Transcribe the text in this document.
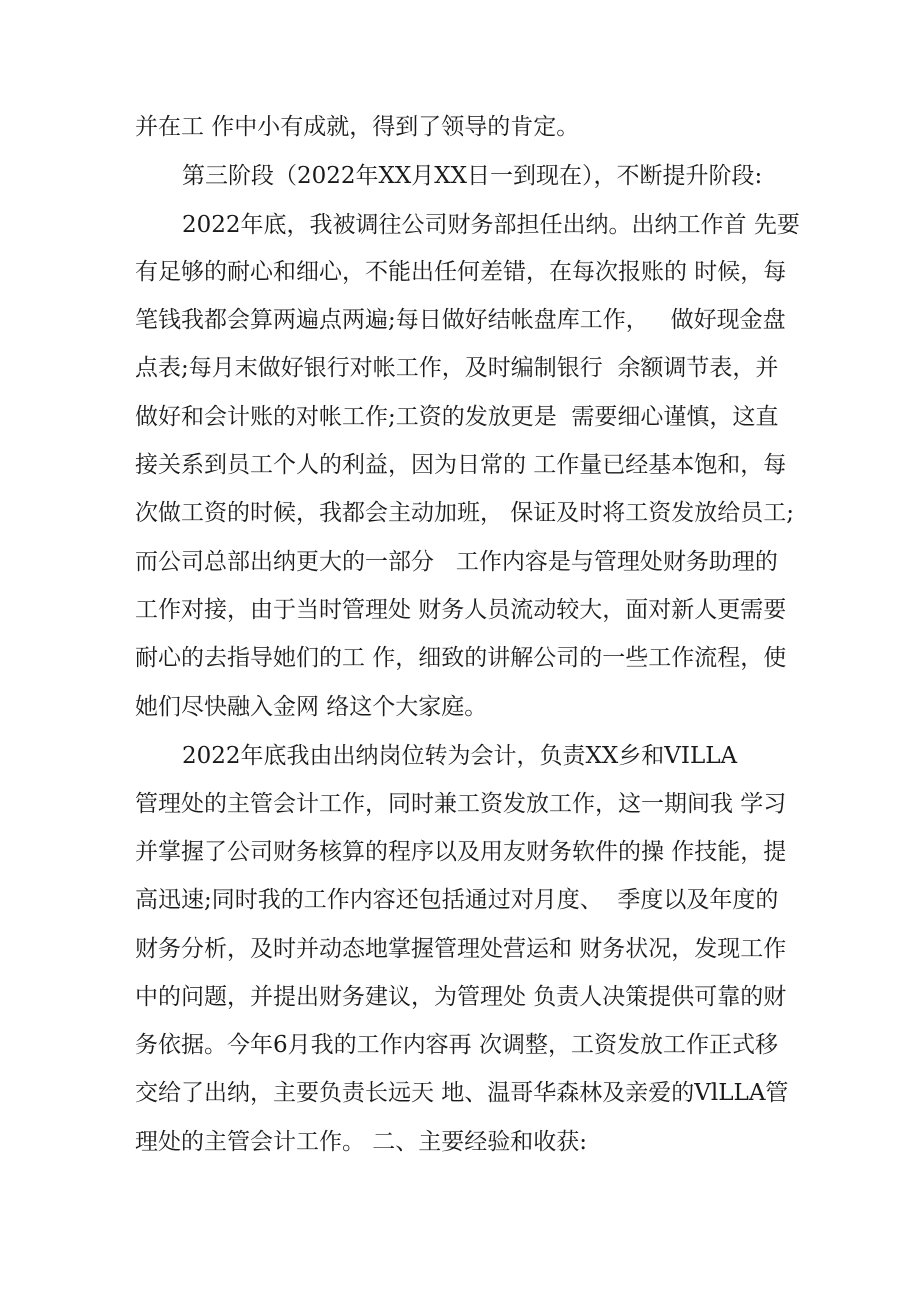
并在工 作中小有成就，得到了领导的肯定。
第三阶段（2022年XX月XX日一到现在），不断提升阶段:
2022年底，我被调往公司财务部担任出纳。出纳工作首 先要
有足够的耐心和细心，不能出任何差错，在每次报账的 时候，每
笔钱我都会算两遍点两遍;每日做好结帐盘库工作，   做好现金盘
点表;每月末做好银行对帐工作，及时编制银行  余额调节表，并
做好和会计账的对帐工作;工资的发放更是  需要细心谨慎，这直
接关系到员工个人的利益，因为日常的 工作量已经基本饱和，每
次做工资的时候，我都会主动加班， 保证及时将工资发放给员工;
而公司总部出纳更大的一部分   工作内容是与管理处财务助理的
工作对接，由于当时管理处 财务人员流动较大，面对新人更需要
耐心的去指导她们的工 作，细致的讲解公司的一些工作流程，使
她们尽快融入金网 络这个大家庭。
2022年底我由出纳岗位转为会计，负责XX乡和VILLA
管理处的主管会计工作，同时兼工资发放工作，这一期间我 学习
并掌握了公司财务核算的程序以及用友财务软件的操 作技能，提
高迅速;同时我的工作内容还包括通过对月度、  季度以及年度的
财务分析，及时并动态地掌握管理处营运和 财务状况，发现工作
中的问题，并提出财务建议，为管理处 负责人决策提供可靠的财
务依据。今年6月我的工作内容再 次调整，工资发放工作正式移
交给了出纳，主要负责长远天 地、温哥华森林及亲爱的VlLLA管
理处的主管会计工作。 二、主要经验和收获:
